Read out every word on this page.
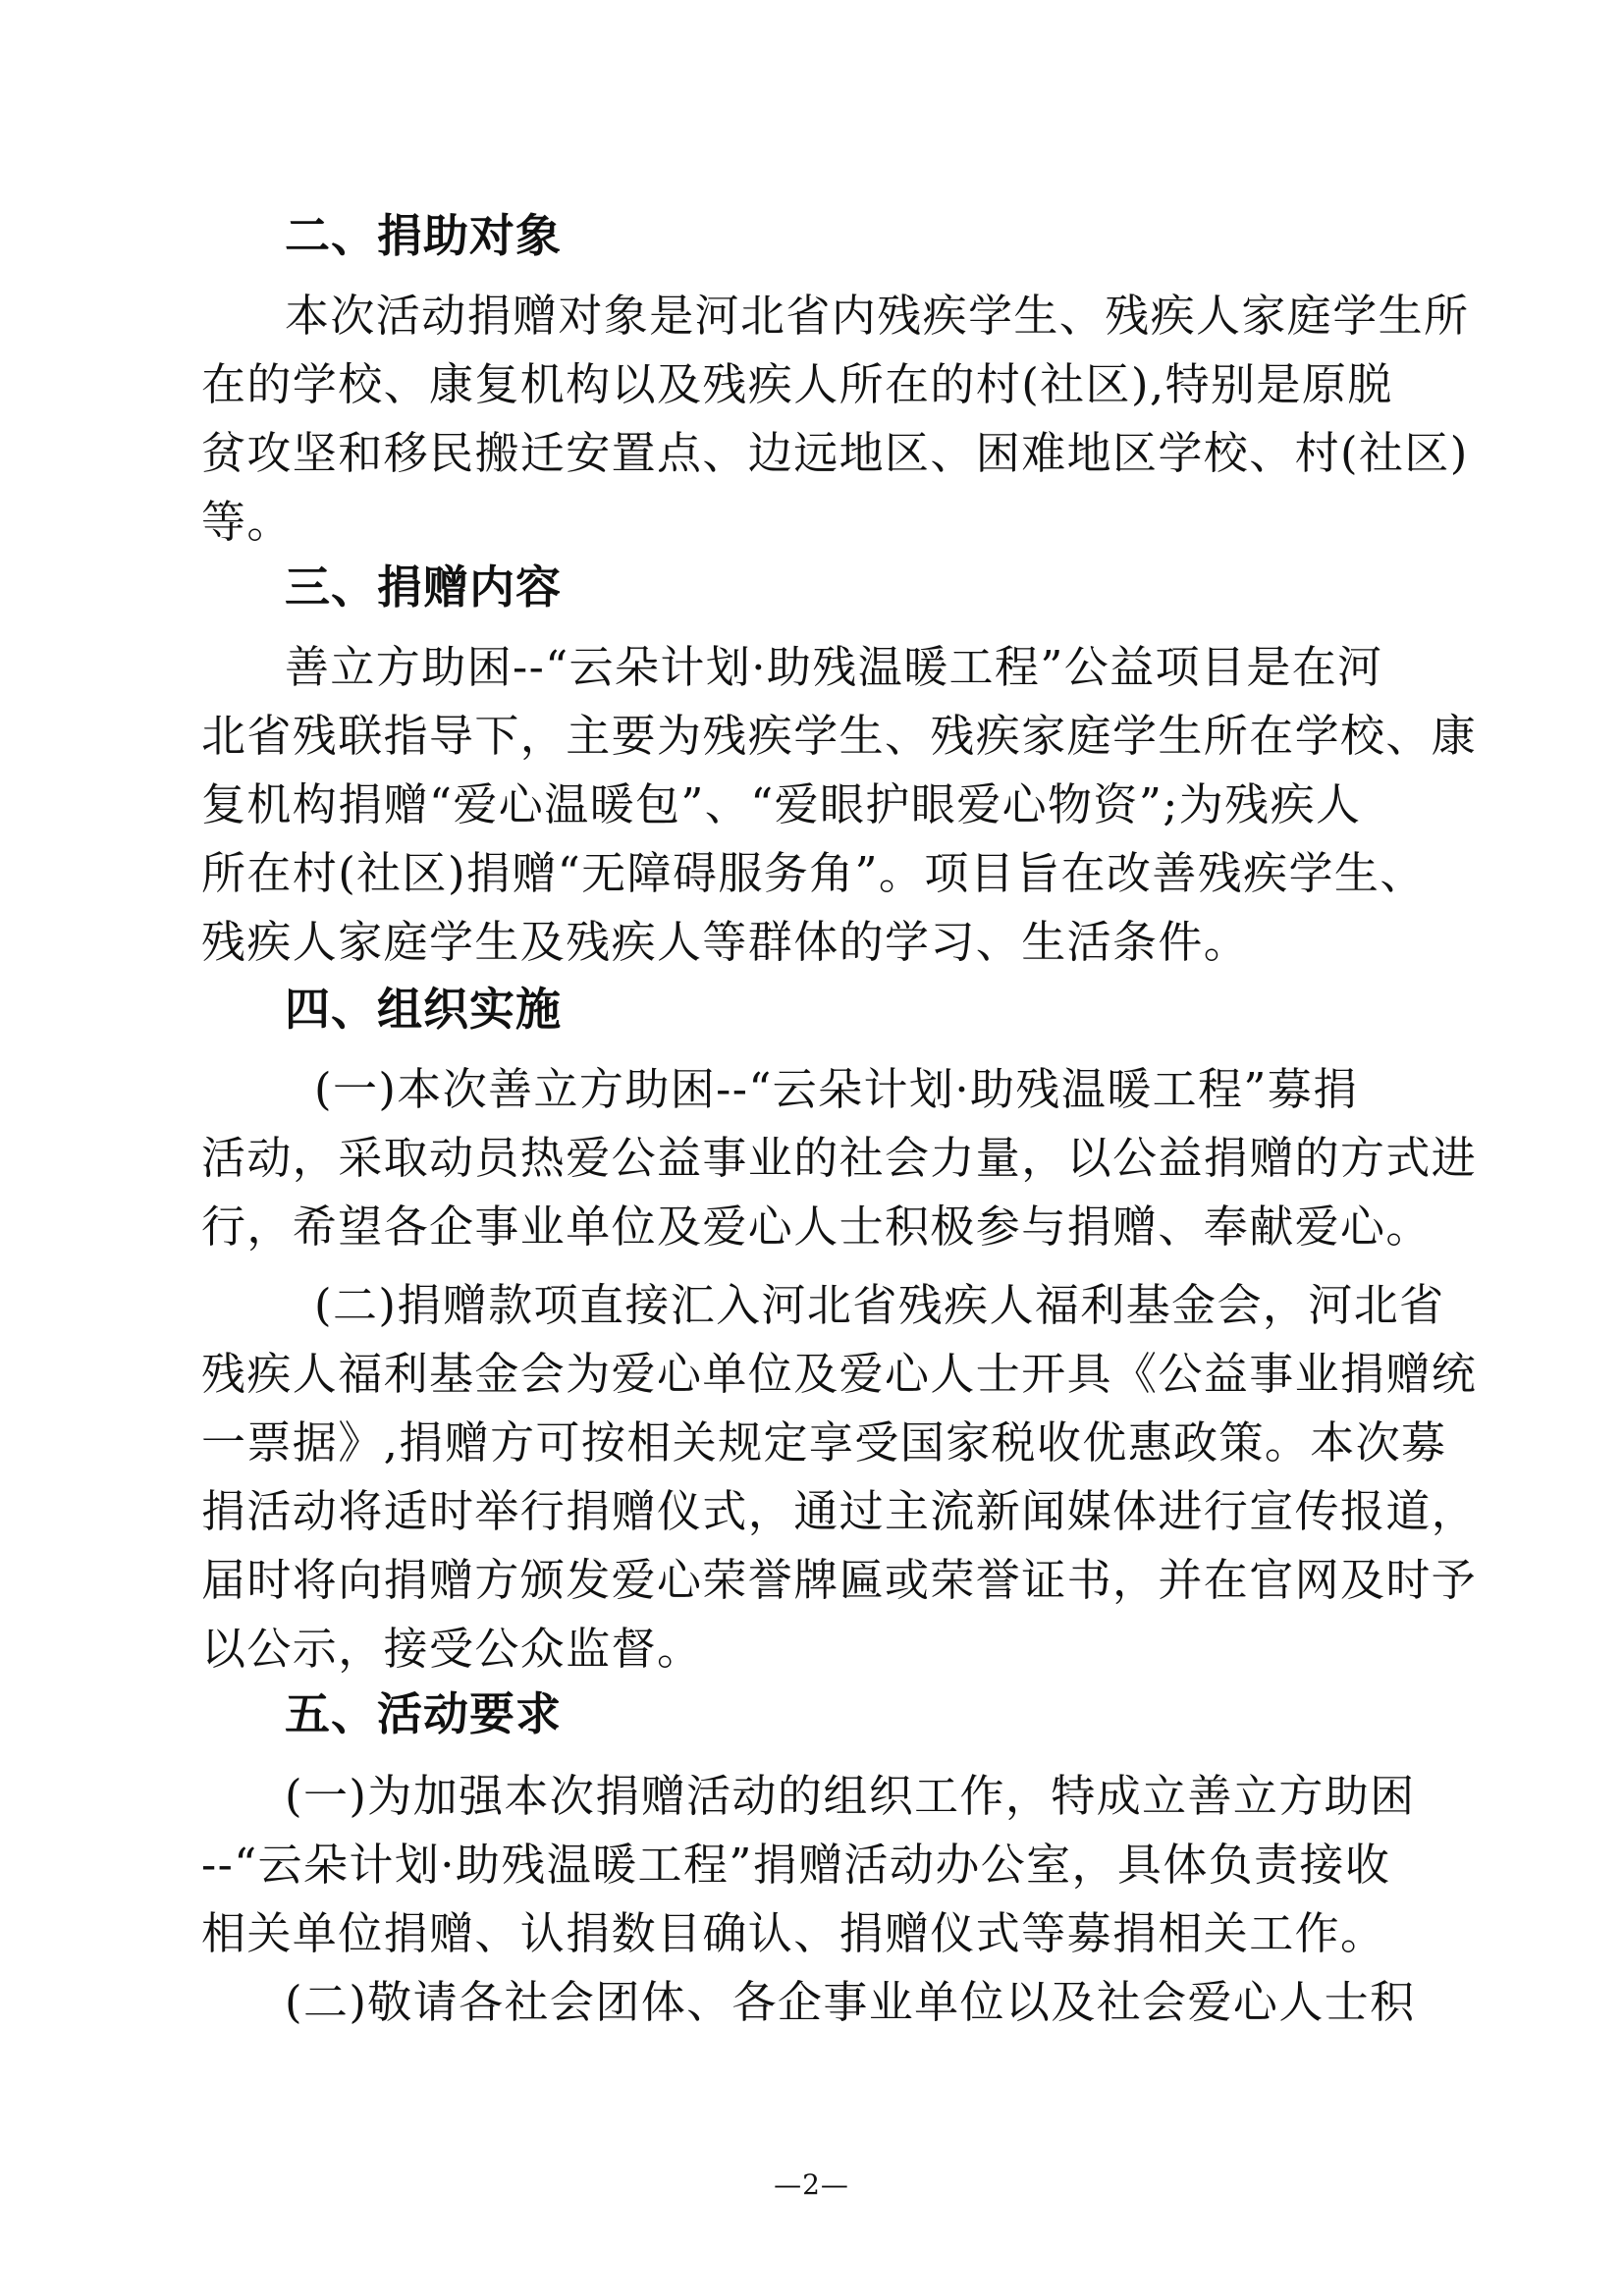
二、捐助对象
本次活动捐赠对象是河北省内残疾学生、残疾人家庭学生所
在的学校、康复机构以及残疾人所在的村(社区),特别是原脱
贫攻坚和移民搬迁安置点、边远地区、困难地区学校、村(社区)
等。
三、捐赠内容
善立方助困--“云朵计划·助残温暖工程”公益项目是在河
北省残联指导下，主要为残疾学生、残疾家庭学生所在学校、康
复机构捐赠“爱心温暖包”、“爱眼护眼爱心物资”;为残疾人
所在村(社区)捐赠“无障碍服务角”。项目旨在改善残疾学生、
残疾人家庭学生及残疾人等群体的学习、生活条件。
四、组织实施
(一)本次善立方助困--“云朵计划·助残温暖工程”募捐
活动，采取动员热爱公益事业的社会力量，以公益捐赠的方式进
行，希望各企事业单位及爱心人士积极参与捐赠、奉献爱心。
(二)捐赠款项直接汇入河北省残疾人福利基金会，河北省
残疾人福利基金会为爱心单位及爱心人士开具《公益事业捐赠统
一票据》,捐赠方可按相关规定享受国家税收优惠政策。本次募
捐活动将适时举行捐赠仪式，通过主流新闻媒体进行宣传报道，
届时将向捐赠方颁发爱心荣誉牌匾或荣誉证书，并在官网及时予
以公示，接受公众监督。
五、活动要求
(一)为加强本次捐赠活动的组织工作，特成立善立方助困
--“云朵计划·助残温暖工程”捐赠活动办公室，具体负责接收
相关单位捐赠、认捐数目确认、捐赠仪式等募捐相关工作。
(二)敬请各社会团体、各企事业单位以及社会爱心人士积
—2—
